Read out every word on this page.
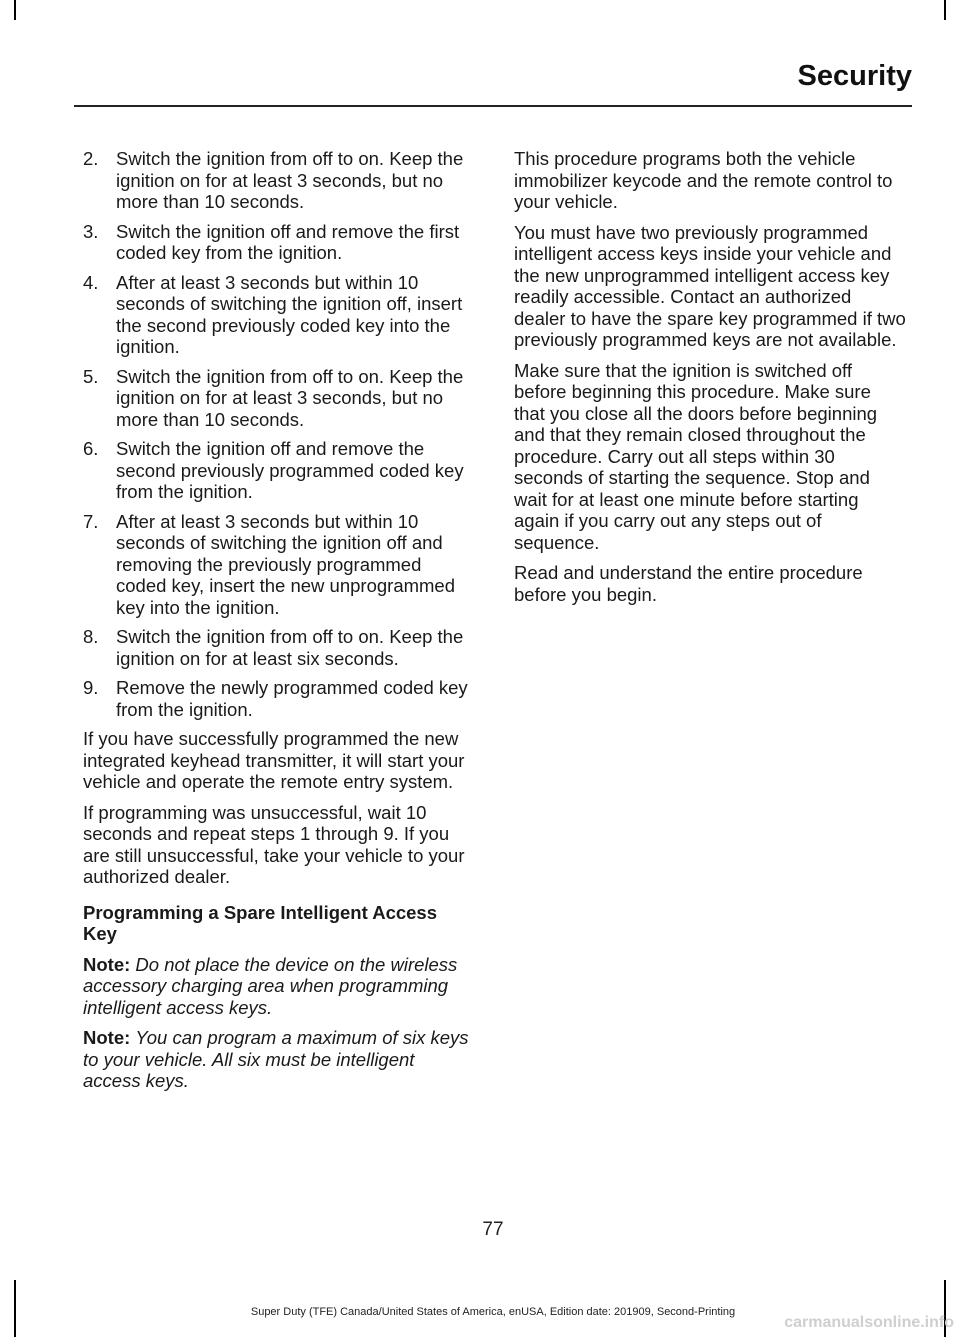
Security
2. Switch the ignition from off to on. Keep the ignition on for at least 3 seconds, but no more than 10 seconds.
3. Switch the ignition off and remove the first coded key from the ignition.
4. After at least 3 seconds but within 10 seconds of switching the ignition off, insert the second previously coded key into the ignition.
5. Switch the ignition from off to on. Keep the ignition on for at least 3 seconds, but no more than 10 seconds.
6. Switch the ignition off and remove the second previously programmed coded key from the ignition.
7. After at least 3 seconds but within 10 seconds of switching the ignition off and removing the previously programmed coded key, insert the new unprogrammed key into the ignition.
8. Switch the ignition from off to on. Keep the ignition on for at least six seconds.
9. Remove the newly programmed coded key from the ignition.

If you have successfully programmed the new integrated keyhead transmitter, it will start your vehicle and operate the remote entry system.

If programming was unsuccessful, wait 10 seconds and repeat steps 1 through 9. If you are still unsuccessful, take your vehicle to your authorized dealer.

Programming a Spare Intelligent Access Key

Note: Do not place the device on the wireless accessory charging area when programming intelligent access keys.

Note: You can program a maximum of six keys to your vehicle. All six must be intelligent access keys.

This procedure programs both the vehicle immobilizer keycode and the remote control to your vehicle.

You must have two previously programmed intelligent access keys inside your vehicle and the new unprogrammed intelligent access key readily accessible. Contact an authorized dealer to have the spare key programmed if two previously programmed keys are not available.

Make sure that the ignition is switched off before beginning this procedure. Make sure that you close all the doors before beginning and that they remain closed throughout the procedure. Carry out all steps within 30 seconds of starting the sequence. Stop and wait for at least one minute before starting again if you carry out any steps out of sequence.

Read and understand the entire procedure before you begin.

77
Super Duty (TFE) Canada/United States of America, enUSA, Edition date: 201909, Second-Printing
carmanualsonline.info
